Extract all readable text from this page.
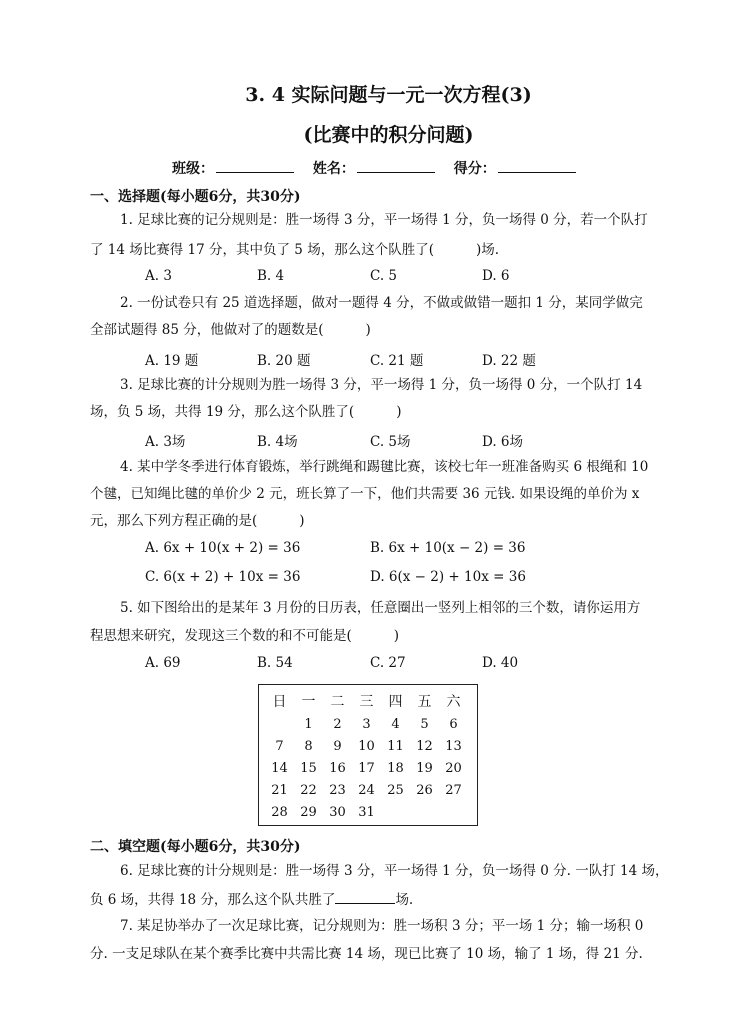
3. 4 实际问题与一元一次方程(3)
(比赛中的积分问题)
班级：	姓名：	得分：
一、选择题(每小题6分，共30分)
1. 足球比赛的记分规则是：胜一场得 3 分，平一场得 1 分，负一场得 0 分，若一个队打
了 14 场比赛得 17 分，其中负了 5 场，那么这个队胜了(	)场.
A. 3	B. 4	C. 5	D. 6
2. 一份试卷只有 25 道选择题，做对一题得 4 分，不做或做错一题扣 1 分，某同学做完
全部试题得 85 分，他做对了的题数是(	)
A. 19 题	B. 20 题	C. 21 题	D. 22 题
3. 足球比赛的计分规则为胜一场得 3 分，平一场得 1 分，负一场得 0 分，一个队打 14
场，负 5 场，共得 19 分，那么这个队胜了(	)
A. 3场	B. 4场	C. 5场	D. 6场
4. 某中学冬季进行体育锻炼，举行跳绳和踢毽比赛，该校七年一班准备购买 6 根绳和 10
个毽，已知绳比毽的单价少 2 元，班长算了一下，他们共需要 36 元钱. 如果设绳的单价为 x
元，那么下列方程正确的是(	)
A. 6x + 10(x + 2) = 36	B. 6x + 10(x − 2) = 36
C. 6(x + 2) + 10x = 36	D. 6(x − 2) + 10x = 36
5. 如下图给出的是某年 3 月份的日历表，任意圈出一竖列上相邻的三个数，请你运用方
程思想来研究，发现这三个数的和不可能是(	)
A. 69	B. 54	C. 27	D. 40
日	一	二	三	四	五	六
	1	2	3	4	5	6
7	8	9	10	11	12	13
14	15	16	17	18	19	20
21	22	23	24	25	26	27
28	29	30	31			
二、填空题(每小题6分，共30分)
6. 足球比赛的计分规则是：胜一场得 3 分，平一场得 1 分，负一场得 0 分. 一队打 14 场，
负 6 场，共得 18 分，那么这个队共胜了	场.
7. 某足协举办了一次足球比赛，记分规则为：胜一场积 3 分；平一场 1 分；输一场积 0
分. 一支足球队在某个赛季比赛中共需比赛 14 场，现已比赛了 10 场，输了 1 场，得 21 分.
